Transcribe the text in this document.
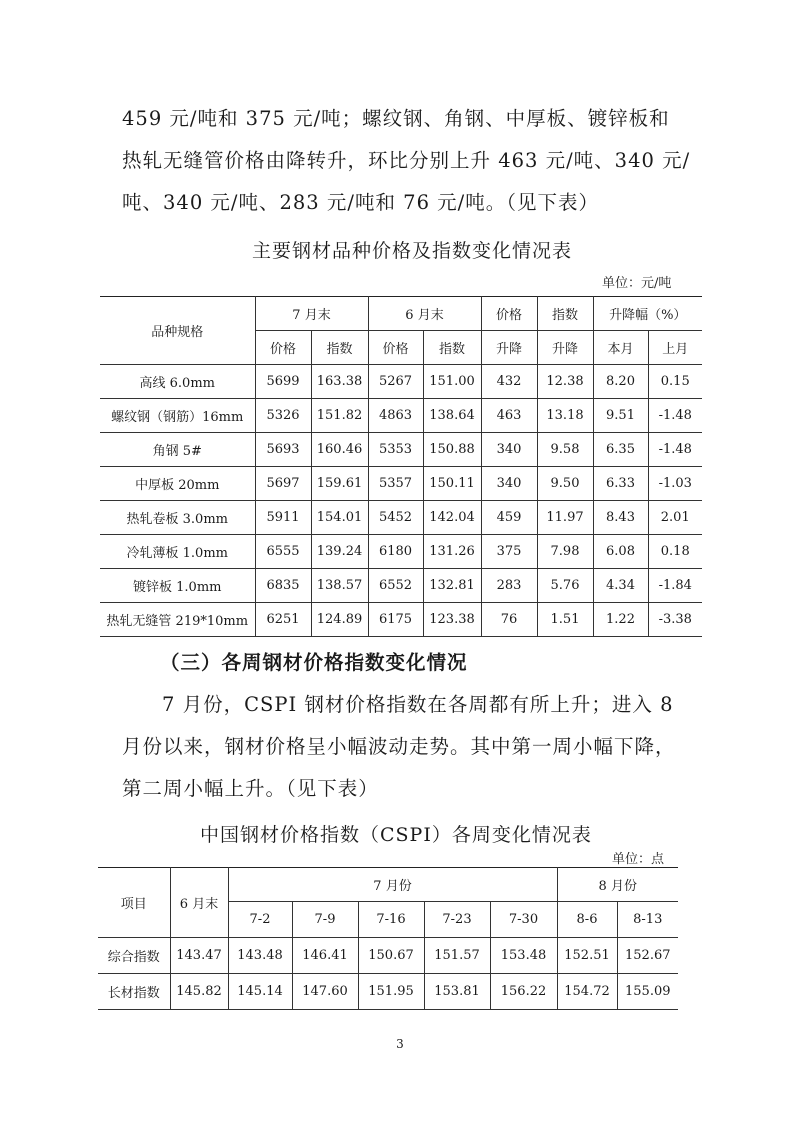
459 元/吨和 375 元/吨；螺纹钢、角钢、中厚板、镀锌板和

热轧无缝管价格由降转升，环比分别上升 463 元/吨、340 元/

吨、340 元/吨、283 元/吨和 76 元/吨。（见下表）

主要钢材品种价格及指数变化情况表
单位：元/吨
品种规格	7 月末		6 月末		价格	指数	升降幅（%）	
	价格	指数	价格	指数	升降	升降	本月	上月
高线 6.0mm	5699	163.38	5267	151.00	432	12.38	8.20	0.15
螺纹钢（钢筋）16mm	5326	151.82	4863	138.64	463	13.18	9.51	-1.48
角钢 5#	5693	160.46	5353	150.88	340	9.58	6.35	-1.48
中厚板 20mm	5697	159.61	5357	150.11	340	9.50	6.33	-1.03
热轧卷板 3.0mm	5911	154.01	5452	142.04	459	11.97	8.43	2.01
冷轧薄板 1.0mm	6555	139.24	6180	131.26	375	7.98	6.08	0.18
镀锌板 1.0mm	6835	138.57	6552	132.81	283	5.76	4.34	-1.84
热轧无缝管 219*10mm	6251	124.89	6175	123.38	76	1.51	1.22	-3.38
（三）各周钢材价格指数变化情况

7 月份，CSPI 钢材价格指数在各周都有所上升；进入 8

月份以来，钢材价格呈小幅波动走势。其中第一周小幅下降，

第二周小幅上升。（见下表）

中国钢材价格指数（CSPI）各周变化情况表
单位：点
项目	6 月末	7 月份					8 月份	
		7-2	7-9	7-16	7-23	7-30	8-6	8-13
综合指数	143.47	143.48	146.41	150.67	151.57	153.48	152.51	152.67
长材指数	145.82	145.14	147.60	151.95	153.81	156.22	154.72	155.09
3
